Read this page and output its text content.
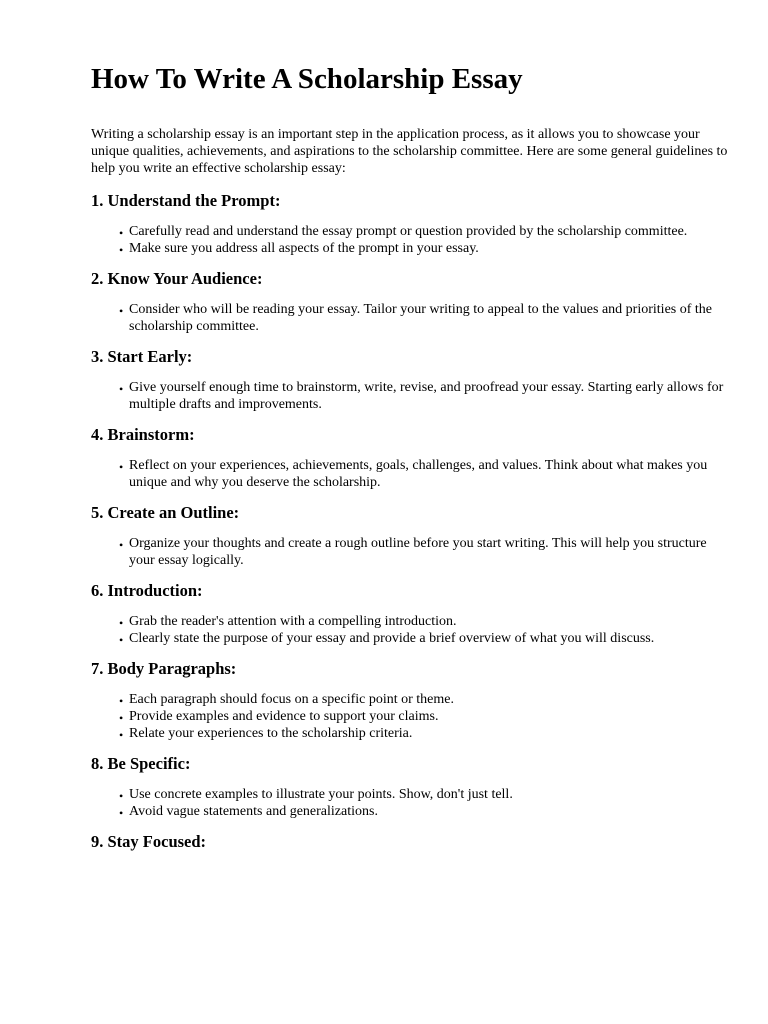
How To Write A Scholarship Essay

Writing a scholarship essay is an important step in the application process, as it allows you to showcase your unique qualities, achievements, and aspirations to the scholarship committee. Here are some general guidelines to help you write an effective scholarship essay:

1. Understand the Prompt:
• Carefully read and understand the essay prompt or question provided by the scholarship committee.
• Make sure you address all aspects of the prompt in your essay.
2. Know Your Audience:
• Consider who will be reading your essay. Tailor your writing to appeal to the values and priorities of the scholarship committee.
3. Start Early:
• Give yourself enough time to brainstorm, write, revise, and proofread your essay. Starting early allows for multiple drafts and improvements.
4. Brainstorm:
• Reflect on your experiences, achievements, goals, challenges, and values. Think about what makes you unique and why you deserve the scholarship.
5. Create an Outline:
• Organize your thoughts and create a rough outline before you start writing. This will help you structure your essay logically.
6. Introduction:
• Grab the reader's attention with a compelling introduction.
• Clearly state the purpose of your essay and provide a brief overview of what you will discuss.
7. Body Paragraphs:
• Each paragraph should focus on a specific point or theme.
• Provide examples and evidence to support your claims.
• Relate your experiences to the scholarship criteria.
8. Be Specific:
• Use concrete examples to illustrate your points. Show, don't just tell.
• Avoid vague statements and generalizations.
9. Stay Focused:
